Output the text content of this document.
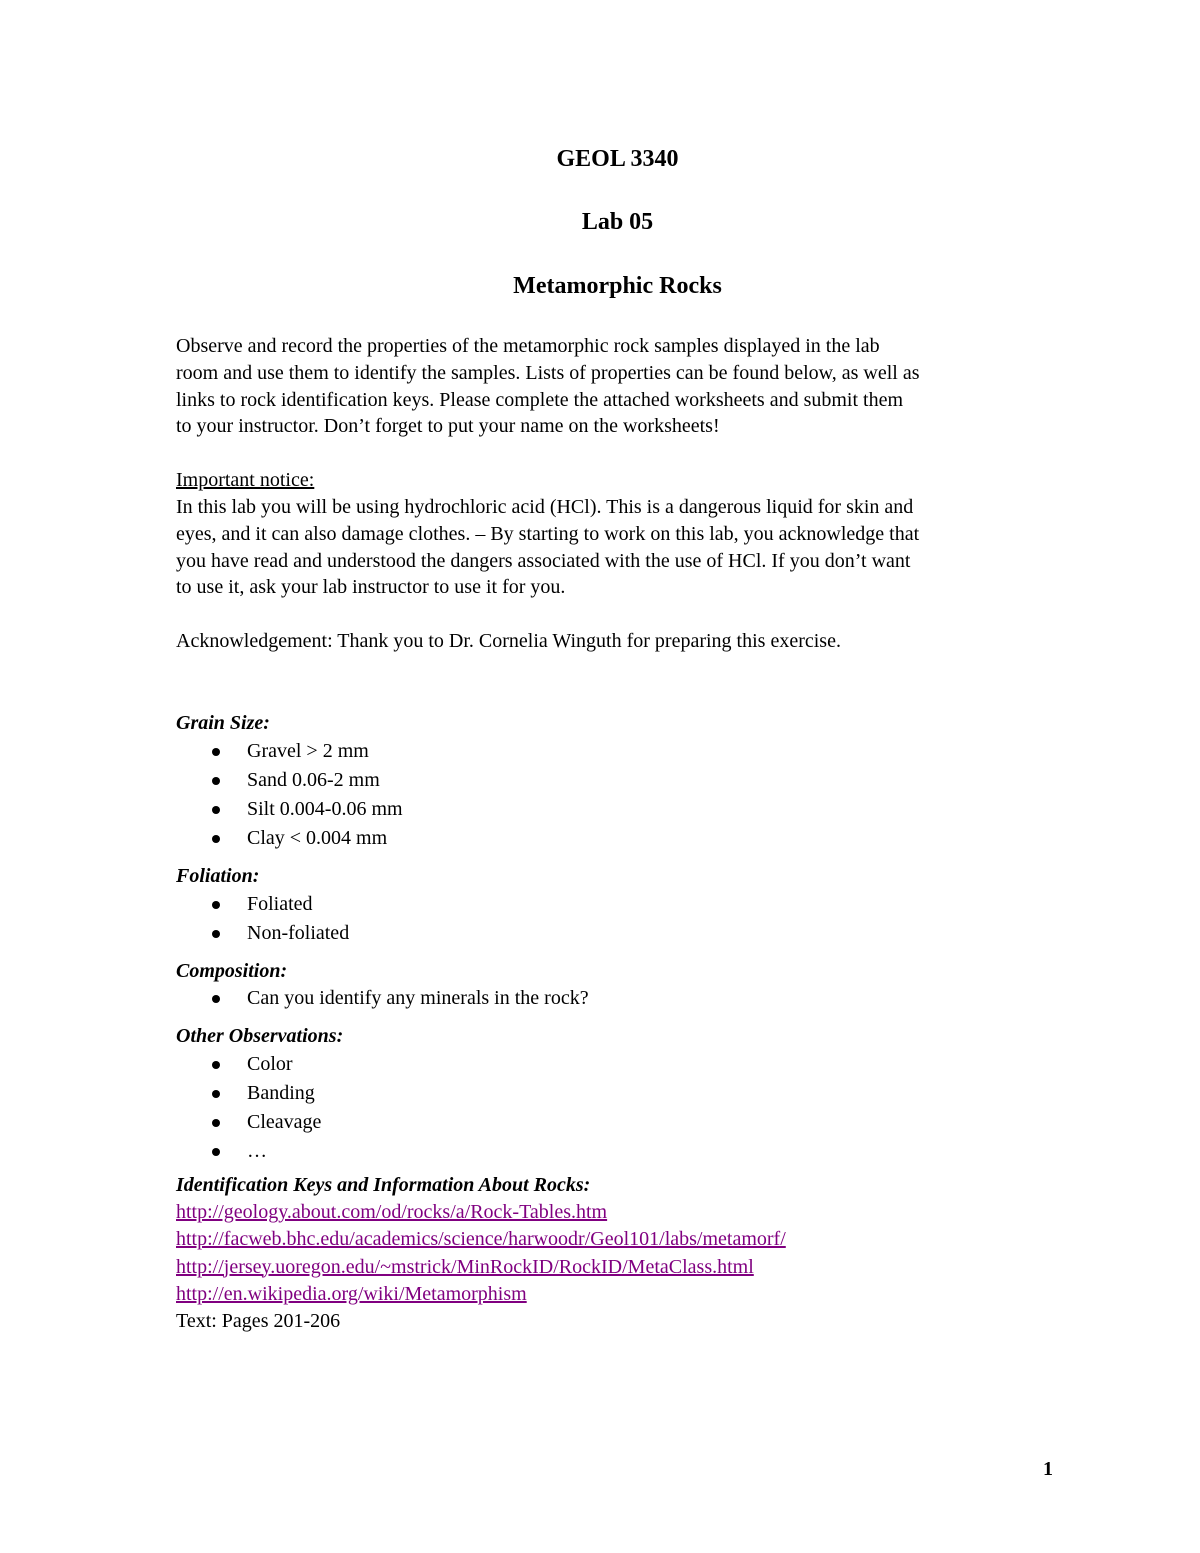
GEOL 3340
Lab 05
Metamorphic Rocks

Observe and record the properties of the metamorphic rock samples displayed in the lab

room and use them to identify the samples. Lists of properties can be found below, as well as

links to rock identification keys. Please complete the attached worksheets and submit them

to your instructor. Don’t forget to put your name on the worksheets!

Important notice:

In this lab you will be using hydrochloric acid (HCl). This is a dangerous liquid for skin and

eyes, and it can also damage clothes. – By starting to work on this lab, you acknowledge that

you have read and understood the dangers associated with the use of HCl. If you don’t want

to use it, ask your lab instructor to use it for you.

Acknowledgement: Thank you to Dr. Cornelia Winguth for preparing this exercise.

Grain Size:

Gravel > 2 mm
Sand 0.06-2 mm
Silt 0.004-0.06 mm
Clay < 0.004 mm

Foliation:

Foliated
Non-foliated

Composition:

Can you identify any minerals in the rock?

Other Observations:

Color
Banding
Cleavage
…

Identification Keys and Information About Rocks:

http://geology.about.com/od/rocks/a/Rock-Tables.htm
http://facweb.bhc.edu/academics/science/harwoodr/Geol101/labs/metamorf/
http://jersey.uoregon.edu/~mstrick/MinRockID/RockID/MetaClass.html
http://en.wikipedia.org/wiki/Metamorphism

Text: Pages 201-206

1
